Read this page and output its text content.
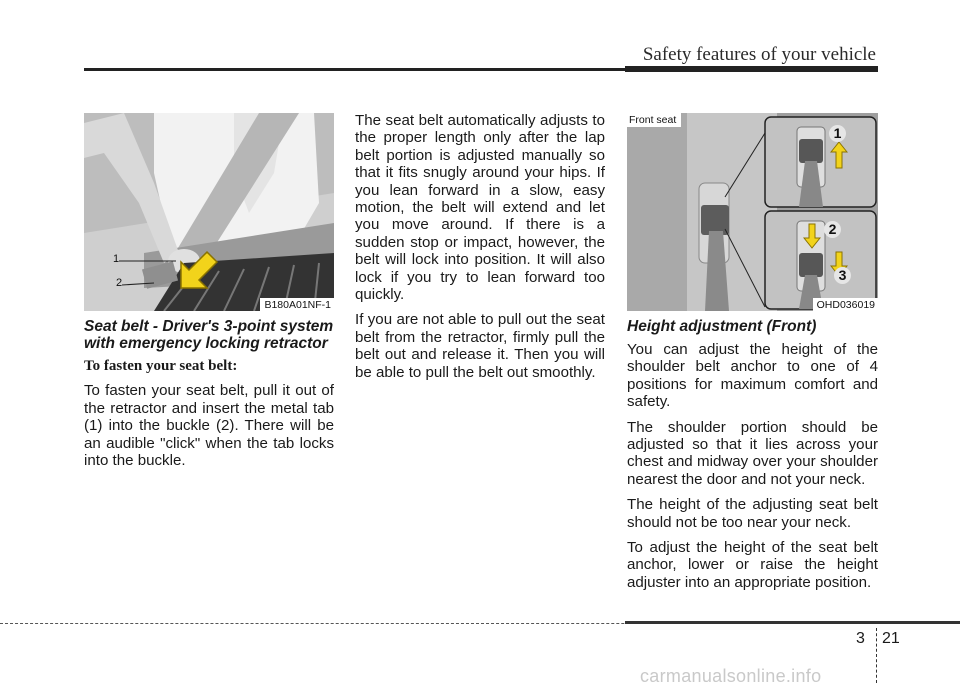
Safety features of your vehicle
1
2
B180A01NF-1
1
2
3
Front seat
OHD036019
Seat belt - Driver's 3-point system
with emergency locking retractor
To fasten your seat belt:

To fasten your seat belt, pull it out of the retractor and insert the metal tab (1) into the buckle (2). There will be an audible "click" when the tab locks into the buckle.

The seat belt automatically adjusts to the proper length only after the lap belt portion is adjusted manually so that it fits snugly around your hips. If you lean forward in a slow, easy motion, the belt will extend and let you move around. If there is a sudden stop or impact, however, the belt will lock into position. It will also lock if you try to lean forward too quickly.

If you are not able to pull out the seat belt from the retractor, firmly pull the belt out and release it. Then you will be able to pull the belt out smoothly.

Height adjustment (Front)

You can adjust the height of the shoulder belt anchor to one of 4 positions for maximum comfort and safety.

The shoulder portion should be adjusted so that it lies across your chest and midway over your shoulder nearest the door and not your neck.

The height of the adjusting seat belt should not be too near your neck.

To adjust the height of the seat belt anchor, lower or raise the height adjuster into an appropriate position.

3 21
carmanualsonline.info
